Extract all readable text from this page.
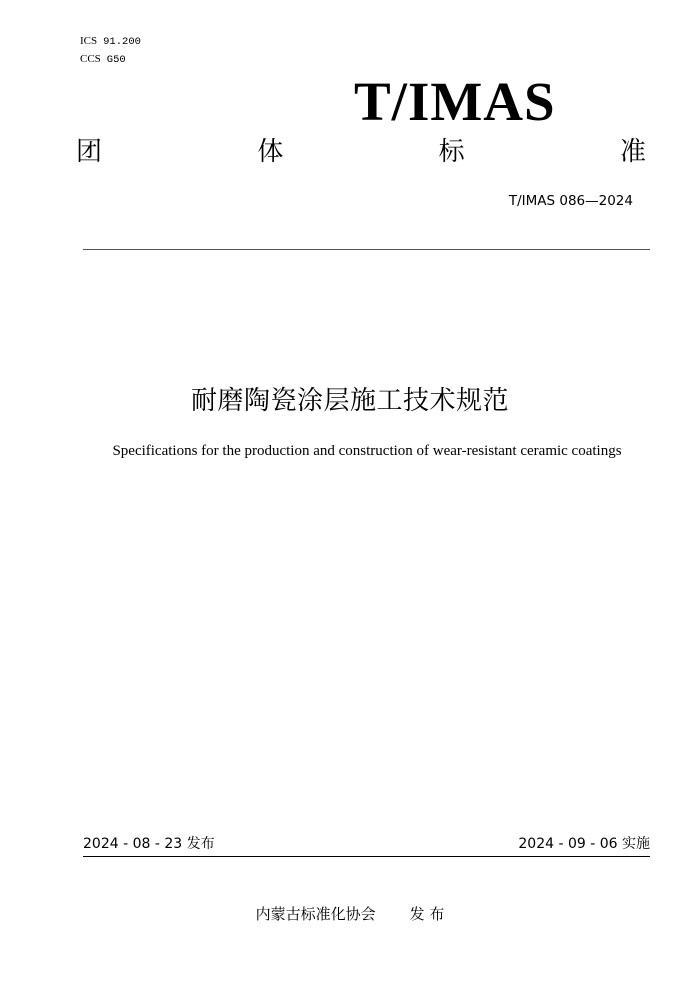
ICS 91.200
CCS G50
T/IMAS
团	体	标	准
T/IMAS 086—2024
耐磨陶瓷涂层施工技术规范
Specifications for the production and construction of wear-resistant ceramic coatings
2024 - 08 - 23 发布	2024 - 09 - 06 实施
内蒙古标准化协会 发 布
